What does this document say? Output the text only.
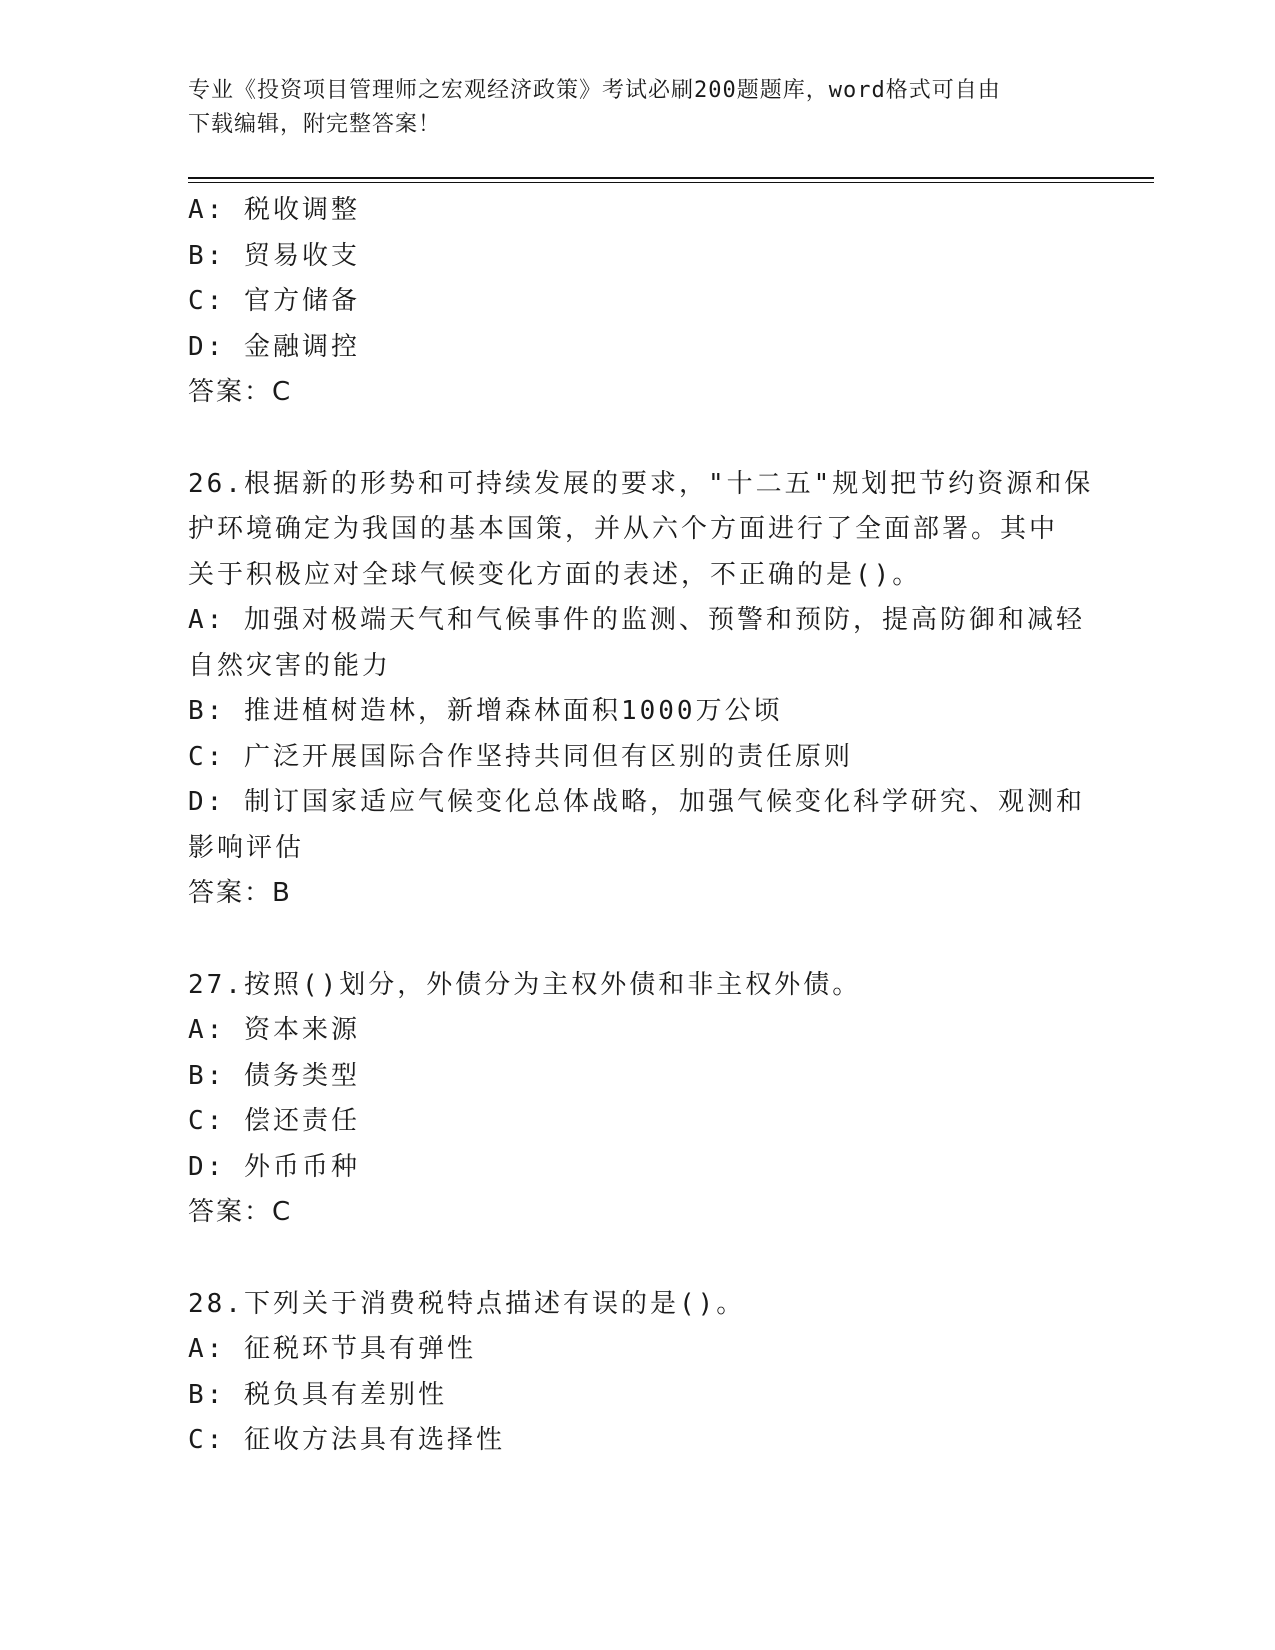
专业《投资项目管理师之宏观经济政策》考试必刷200题题库，word格式可自由
下载编辑，附完整答案！
A: 税收调整
B: 贸易收支
C: 官方储备
D: 金融调控
答案：C
26.根据新的形势和可持续发展的要求，"十二五"规划把节约资源和保
护环境确定为我国的基本国策，并从六个方面进行了全面部署。其中
关于积极应对全球气候变化方面的表述，不正确的是()。
A: 加强对极端天气和气候事件的监测、预警和预防，提高防御和减轻
自然灾害的能力
B: 推进植树造林，新增森林面积1000万公顷
C: 广泛开展国际合作坚持共同但有区别的责任原则
D: 制订国家适应气候变化总体战略，加强气候变化科学研究、观测和
影响评估
答案：B
27.按照()划分，外债分为主权外债和非主权外债。
A: 资本来源
B: 债务类型
C: 偿还责任
D: 外币币种
答案：C
28.下列关于消费税特点描述有误的是()。
A: 征税环节具有弹性
B: 税负具有差别性
C: 征收方法具有选择性
